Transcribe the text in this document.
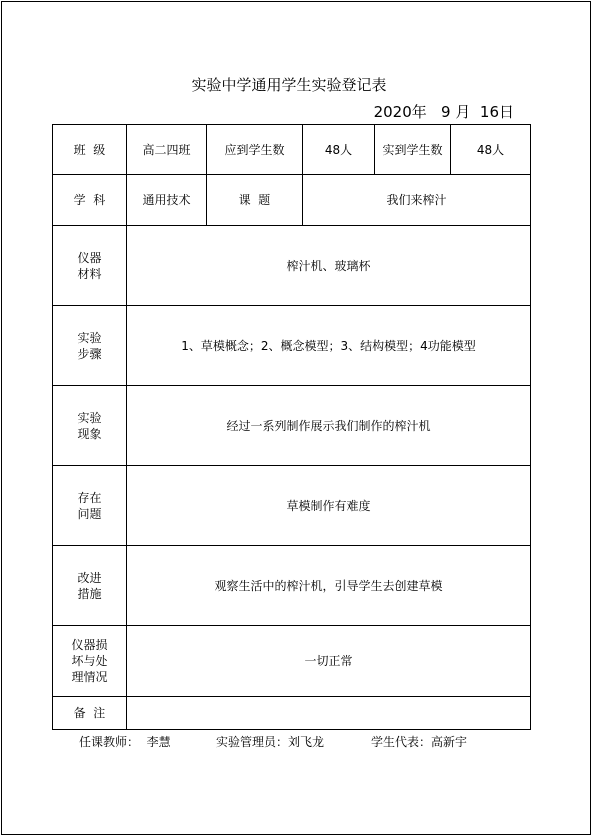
实验中学通用学生实验登记表
2020年   9 月  16日
班  级	高二四班	应到学生数	48人	实到学生数	48人
学  科	通用技术	课  题	我们来榨汁		

仪器
材料	榨汁机、玻璃杯				

实验
步骤	1、草模概念；2、概念模型；3、结构模型；4功能模型				

实验
现象	经过一系列制作展示我们制作的榨汁机				

存在
问题	草模制作有难度				

改进
措施	观察生活中的榨汁机，引导学生去创建草模				

仪器损
坏与处
理情况	一切正常				
备  注					
任课教师：  李慧	实验管理员：刘飞龙	学生代表：高新宇
